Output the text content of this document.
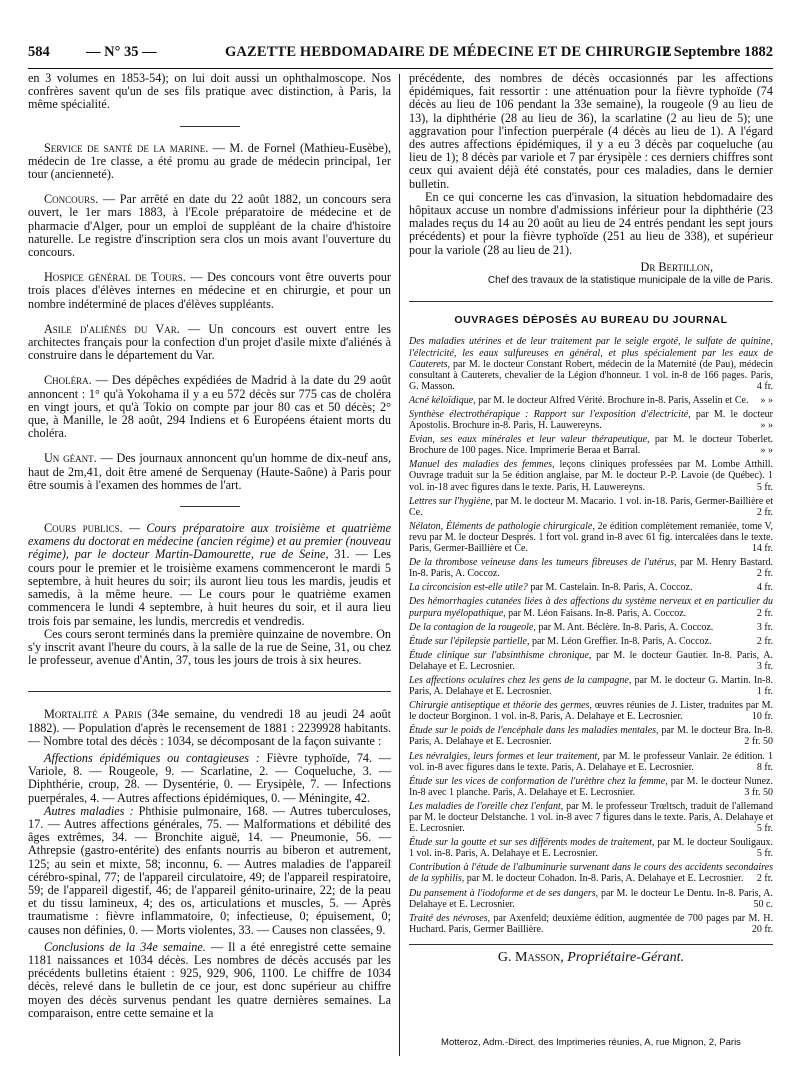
584	— N° 35 —	GAZETTE HEBDOMADAIRE DE MÉDECINE ET DE CHIRURGIE
2 Septembre 1882

en 3 volumes en 1853-54); on lui doit aussi un ophthalmoscope. Nos confrères savent qu'un de ses fils pratique avec distinction, à Paris, la même spécialité.

Service de santé de la marine. — M. de Fornel (Mathieu-Eusèbe), médecin de 1re classe, a été promu au grade de médecin principal, 1er tour (ancienneté).

Concours. — Par arrêté en date du 22 août 1882, un concours sera ouvert, le 1er mars 1883, à l'Ecole préparatoire de médecine et de pharmacie d'Alger, pour un emploi de suppléant de la chaire d'histoire naturelle. Le registre d'inscription sera clos un mois avant l'ouverture du concours.

Hospice général de Tours. — Des concours vont être ouverts pour trois places d'élèves internes en médecine et en chirurgie, et pour un nombre indéterminé de places d'élèves suppléants.

Asile d'aliénés du Var. — Un concours est ouvert entre les architectes français pour la confection d'un projet d'asile mixte d'aliénés à construire dans le département du Var.

Choléra. — Des dépêches expédiées de Madrid à la date du 29 août annoncent : 1° qu'à Yokohama il y a eu 572 décès sur 775 cas de choléra en vingt jours, et qu'à Tokio on compte par jour 80 cas et 50 décès; 2° que, à Manille, le 28 août, 294 Indiens et 6 Européens étaient morts du choléra.

Un géant. — Des journaux annoncent qu'un homme de dix-neuf ans, haut de 2m,41, doit être amené de Serquenay (Haute-Saône) à Paris pour être soumis à l'examen des hommes de l'art.

Cours publics. — Cours préparatoire aux troisième et quatrième examens du doctorat en médecine (ancien régime) et au premier (nouveau régime), par le docteur Martin-Damourette, rue de Seine, 31. — Les cours pour le premier et le troisième examens commenceront le mardi 5 septembre, à huit heures du soir; ils auront lieu tous les mardis, jeudis et samedis, à la même heure. — Le cours pour le quatrième examen commencera le lundi 4 septembre, à huit heures du soir, et il aura lieu trois fois par semaine, les lundis, mercredis et vendredis.

Ces cours seront terminés dans la première quinzaine de novembre. On s'y inscrit avant l'heure du cours, à la salle de la rue de Seine, 31, ou chez le professeur, avenue d'Antin, 37, tous les jours de trois à six heures.

Mortalité a Paris (34e semaine, du vendredi 18 au jeudi 24 août 1882). — Population d'après le recensement de 1881 : 2239928 habitants. — Nombre total des décès : 1034, se décomposant de la façon suivante :

Affections épidémiques ou contagieuses : Fièvre typhoïde, 74. — Variole, 8. — Rougeole, 9. — Scarlatine, 2. — Coqueluche, 3. — Diphthérie, croup, 28. — Dysentérie, 0. — Erysipèle, 7. — Infections puerpérales, 4. — Autres affections épidémiques, 0. — Méningite, 42.

Autres maladies : Phthisie pulmonaire, 168. — Autres tuberculoses, 17. — Autres affections générales, 75. — Malformations et débilité des âges extrêmes, 34. — Bronchite aiguë, 14. — Pneumonie, 56. — Athrepsie (gastro-entérite) des enfants nourris au biberon et autrement, 125; au sein et mixte, 58; inconnu, 6. — Autres maladies de l'appareil cérébro-spinal, 77; de l'appareil circulatoire, 49; de l'appareil respiratoire, 59; de l'appareil digestif, 46; de l'appareil génito-urinaire, 22; de la peau et du tissu lamineux, 4; des os, articulations et muscles, 5. — Après traumatisme : fièvre inflammatoire, 0; infectieuse, 0; épuisement, 0; causes non définies, 0. — Morts violentes, 33. — Causes non classées, 9.

Conclusions de la 34e semaine. — Il a été enregistré cette semaine 1181 naissances et 1034 décès. Les nombres de décès accusés par les précédents bulletins étaient : 925, 929, 906, 1100. Le chiffre de 1034 décès, relevé dans le bulletin de ce jour, est donc supérieur au chiffre moyen des décès survenus pendant les quatre dernières semaines. La comparaison, entre cette semaine et la

précédente, des nombres de décès occasionnés par les affections épidémiques, fait ressortir : une atténuation pour la fièvre typhoïde (74 décès au lieu de 106 pendant la 33e semaine), la rougeole (9 au lieu de 13), la diphthérie (28 au lieu de 36), la scarlatine (2 au lieu de 5); une aggravation pour l'infection puerpérale (4 décès au lieu de 1). A l'égard des autres affections épidémiques, il y a eu 3 décès par coqueluche (au lieu de 1); 8 décès par variole et 7 par érysipèle : ces derniers chiffres sont ceux qui avaient déjà été constatés, pour ces maladies, dans le dernier bulletin.

En ce qui concerne les cas d'invasion, la situation hebdomadaire des hôpitaux accuse un nombre d'admissions inférieur pour la diphthérie (23 malades reçus du 14 au 20 août au lieu de 24 entrés pendant les sept jours précédents) et pour la fièvre typhoïde (251 au lieu de 338), et supérieur pour la variole (28 au lieu de 21).

Dr Bertillon,

Chef des travaux de la statistique municipale de la ville de Paris.

OUVRAGES DÉPOSÉS AU BUREAU DU JOURNAL

Des maladies utérines et de leur traitement par le seigle ergoté, le sulfate de quinine, l'électricité, les eaux sulfureuses en général, et plus spécialement par les eaux de Cauterets, par M. le docteur Constant Robert, médecin de la Maternité (de Pau), médecin consultant à Cauterets, chevalier de la Légion d'honneur. 1 vol. in-8 de 166 pages. Paris, G. Masson.	4 fr.

Acné kéloïdique, par M. le docteur Alfred Vérité. Brochure in-8. Paris, Asselin et Ce.	» »

Synthèse électrothérapique : Rapport sur l'exposition d'électricité, par M. le docteur Apostolis. Brochure in-8. Paris, H. Lauwereyns.	» »

Evian, ses eaux minérales et leur valeur thérapeutique, par M. le docteur Toberlet. Brochure de 100 pages. Nice. Imprimerie Beraa et Barral.	» »

Manuel des maladies des femmes, leçons cliniques professées par M. Lombe Atthill. Ouvrage traduit sur la 5e édition anglaise, par M. le docteur P.-P. Lavoie (de Québec). 1 vol. in-18 avec figures dans le texte. Paris, H. Lauwereyns.	5 fr.

Lettres sur l'hygiène, par M. le docteur M. Macario. 1 vol. in-18. Paris, Germer-Baillière et Ce.	2 fr.

Nélaton, Éléments de pathologie chirurgicale, 2e édition complètement remaniée, tome V, revu par M. le docteur Després. 1 fort vol. grand in-8 avec 61 fig. intercalées dans le texte. Paris, Germer-Baillière et Ce.	14 fr.

De la thrombose veineuse dans les tumeurs fibreuses de l'utérus, par M. Henry Bastard. In-8. Paris, A. Coccoz.	2 fr.

La circoncision est-elle utile? par M. Castelain. In-8. Paris, A. Coccoz.	4 fr.

Des hémorrhagies cutanées liées à des affections du système nerveux et en particulier du purpura myélopathique, par M. Léon Faisans. In-8. Paris, A. Coccoz.	2 fr.

De la contagion de la rougeole, par M. Ant. Béclère. In-8. Paris, A. Coccoz.	3 fr.

Étude sur l'épilepsie partielle, par M. Léon Greffier. In-8. Paris, A. Coccoz.	2 fr.

Étude clinique sur l'absinthisme chronique, par M. le docteur Gautier. In-8. Paris, A. Delahaye et E. Lecrosnier.	3 fr.

Les affections oculaires chez les gens de la campagne, par M. le docteur G. Martin. In-8. Paris, A. Delahaye et E. Lecrosnier.	1 fr.

Chirurgie antiseptique et théorie des germes, œuvres réunies de J. Lister, traduites par M. le docteur Borginon. 1 vol. in-8. Paris, A. Delahaye et E. Lecrosnier.	10 fr.

Étude sur le poids de l'encéphale dans les maladies mentales, par M. le docteur Bra. In-8. Paris, A. Delahaye et E. Lecrosnier.	2 fr. 50

Les névralgies, leurs formes et leur traitement, par M. le professeur Vanlair. 2e édition. 1 vol. in-8 avec figures dans le texte. Paris, A. Delahaye et E. Lecrosnier.	8 fr.

Étude sur les vices de conformation de l'urèthre chez la femme, par M. le docteur Nunez. In-8 avec 1 planche. Paris, A. Delahaye et E. Lecrosnier.	3 fr. 50

Les maladies de l'oreille chez l'enfant, par M. le professeur Trœltsch, traduit de l'allemand par M. le docteur Delstanche. 1 vol. in-8 avec 7 figures dans le texte. Paris, A. Delahaye et E. Lecrosnier.	5 fr.

Étude sur la goutte et sur ses différents modes de traitement, par M. le docteur Souligaux. 1 vol. in-8. Paris, A. Delahaye et E. Lecrosnier.	5 fr.

Contribution à l'étude de l'albuminurie survenant dans le cours des accidents secondaires de la syphilis, par M. le docteur Cohadon. In-8. Paris, A. Delahaye et E. Lecrosnier.	2 fr.

Du pansement à l'iodoforme et de ses dangers, par M. le docteur Le Dentu. In-8. Paris, A. Delahaye et E. Lecrosnier.	50 c.

Traité des névroses, par Axenfeld; deuxième édition, augmentée de 700 pages par M. H. Huchard. Paris, Germer Baillière.	20 fr.

G. Masson, Propriétaire-Gérant.

Motteroz, Adm.-Direct. des Imprimeries réunies, A, rue Mignon, 2, Paris
